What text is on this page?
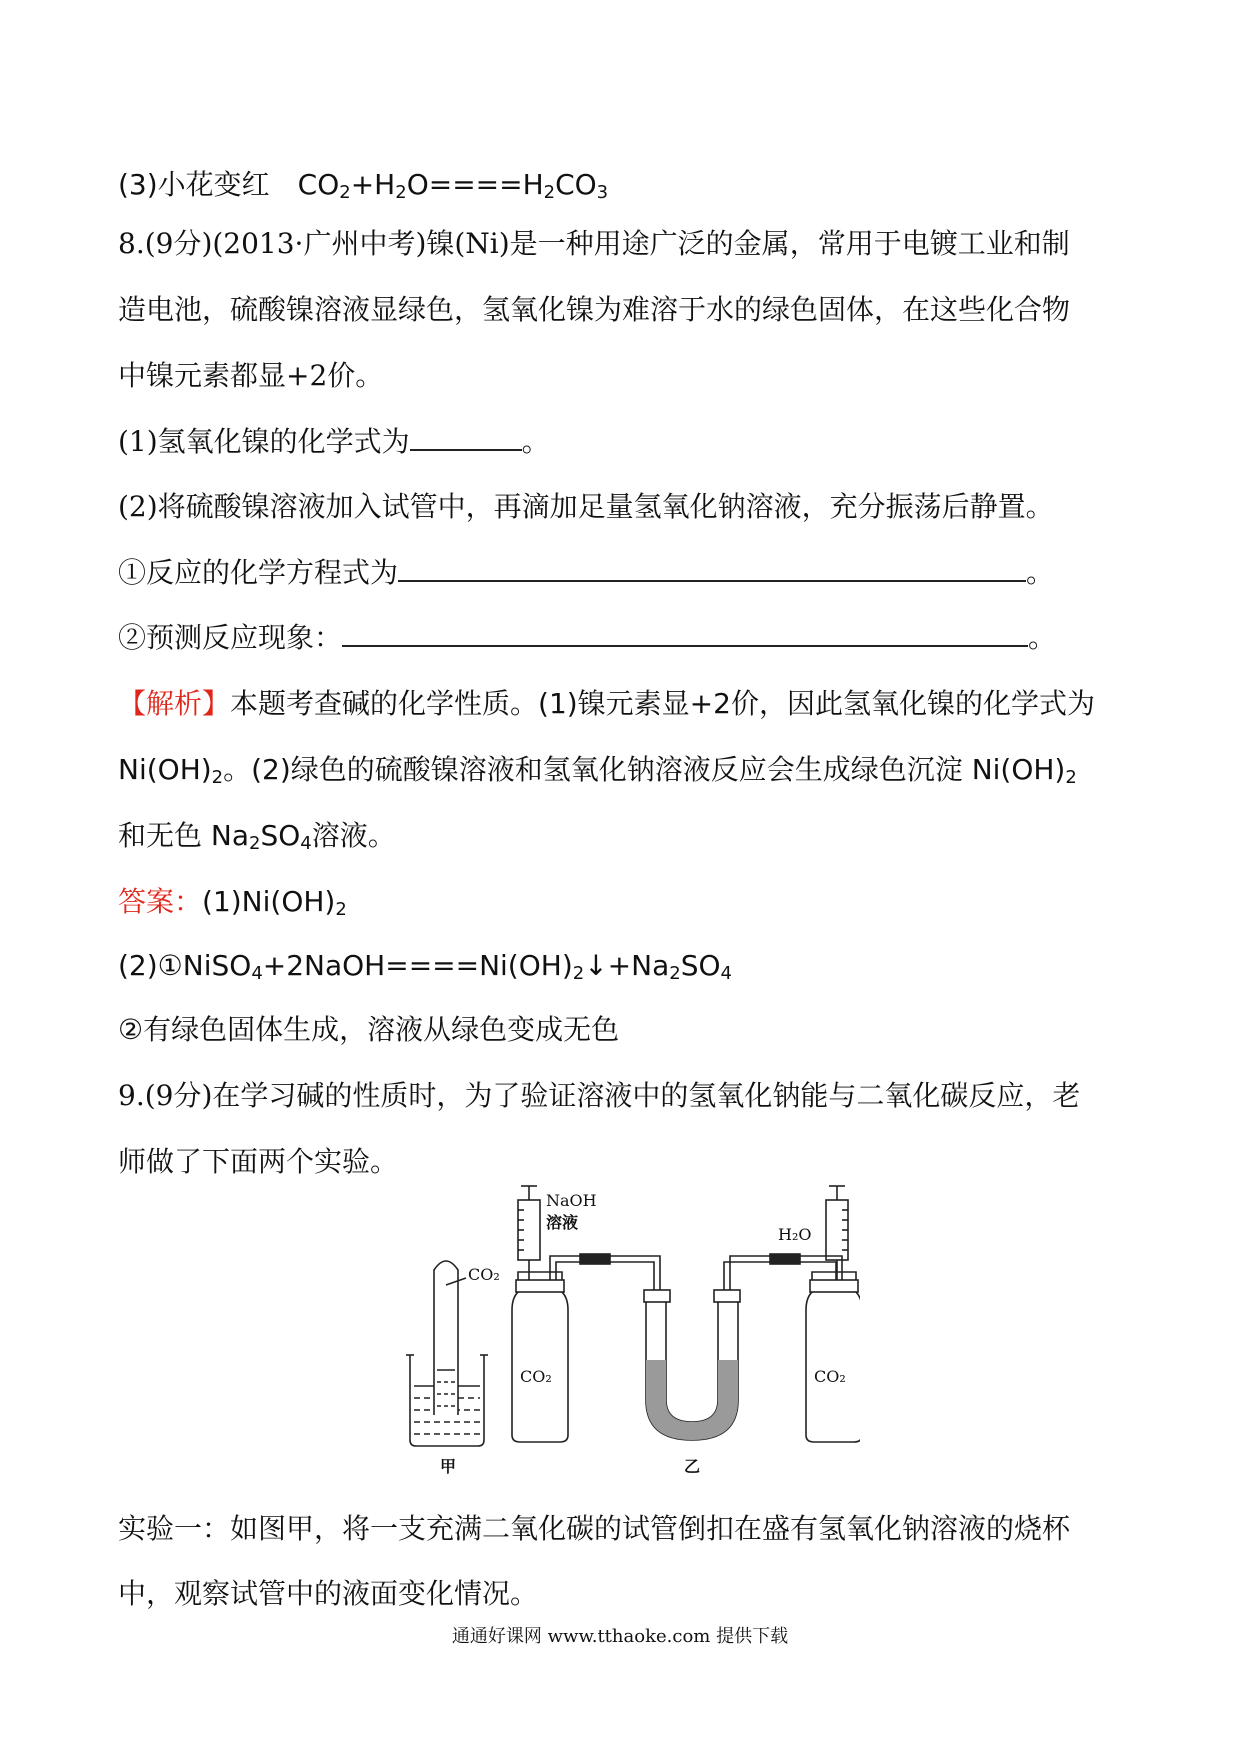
(3)小花变红　$CO_2+H_2O====H_2CO_3$
8.(9分)(2013·广州中考)镍(Ni)是一种用途广泛的金属，常用于电镀工业和制
造电池，硫酸镍溶液显绿色，氢氧化镍为难溶于水的绿色固体，在这些化合物
中镍元素都显+2价。
(1)氢氧化镍的化学式为	。
(2)将硫酸镍溶液加入试管中，再滴加足量氢氧化钠溶液，充分振荡后静置。
①反应的化学方程式为	。
②预测反应现象：	。
【解析】本题考查碱的化学性质。(1)镍元素显+2价，因此氢氧化镍的化学式为
$Ni(OH)_2$。(2)绿色的硫酸镍溶液和氢氧化钠溶液反应会生成绿色沉淀 $Ni(OH)_2$
和无色 $Na_2SO_4$溶液。
答案：$(1)Ni(OH)_2$
$(2)①NiSO_4+2NaOH====Ni(OH)_2↓+Na_2SO_4$
②有绿色固体生成，溶液从绿色变成无色
9.(9分)在学习碱的性质时，为了验证溶液中的氢氧化钠能与二氧化碳反应，老
师做了下面两个实验。
CO₂
CO₂	CO₂
NaOH
溶液
H₂O
甲	乙
实验一：如图甲，将一支充满二氧化碳的试管倒扣在盛有氢氧化钠溶液的烧杯
中，观察试管中的液面变化情况。
通通好课网 www.tthaoke.com 提供下载
